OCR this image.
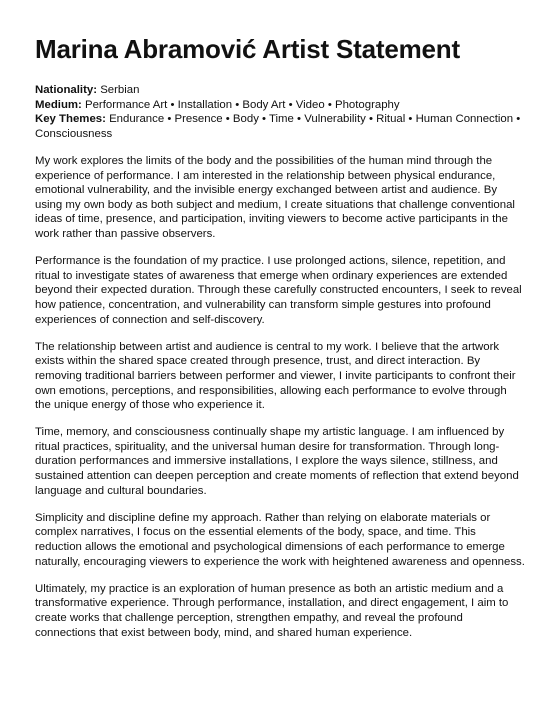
Marina Abramović Artist Statement

Nationality: Serbian

Medium: Performance Art • Installation • Body Art • Video • Photography

Key Themes: Endurance • Presence • Body • Time • Vulnerability • Ritual • Human Connection • Consciousness

My work explores the limits of the body and the possibilities of the human mind through the experience of performance. I am interested in the relationship between physical endurance, emotional vulnerability, and the invisible energy exchanged between artist and audience. By using my own body as both subject and medium, I create situations that challenge conventional ideas of time, presence, and participation, inviting viewers to become active participants in the work rather than passive observers.

Performance is the foundation of my practice. I use prolonged actions, silence, repetition, and ritual to investigate states of awareness that emerge when ordinary experiences are extended beyond their expected duration. Through these carefully constructed encounters, I seek to reveal how patience, concentration, and vulnerability can transform simple gestures into profound experiences of connection and self-discovery.

The relationship between artist and audience is central to my work. I believe that the artwork exists within the shared space created through presence, trust, and direct interaction. By removing traditional barriers between performer and viewer, I invite participants to confront their own emotions, perceptions, and responsibilities, allowing each performance to evolve through the unique energy of those who experience it.

Time, memory, and consciousness continually shape my artistic language. I am influenced by ritual practices, spirituality, and the universal human desire for transformation. Through long-duration performances and immersive installations, I explore the ways silence, stillness, and sustained attention can deepen perception and create moments of reflection that extend beyond language and cultural boundaries.

Simplicity and discipline define my approach. Rather than relying on elaborate materials or complex narratives, I focus on the essential elements of the body, space, and time. This reduction allows the emotional and psychological dimensions of each performance to emerge naturally, encouraging viewers to experience the work with heightened awareness and openness.

Ultimately, my practice is an exploration of human presence as both an artistic medium and a transformative experience. Through performance, installation, and direct engagement, I aim to create works that challenge perception, strengthen empathy, and reveal the profound connections that exist between body, mind, and shared human experience.
